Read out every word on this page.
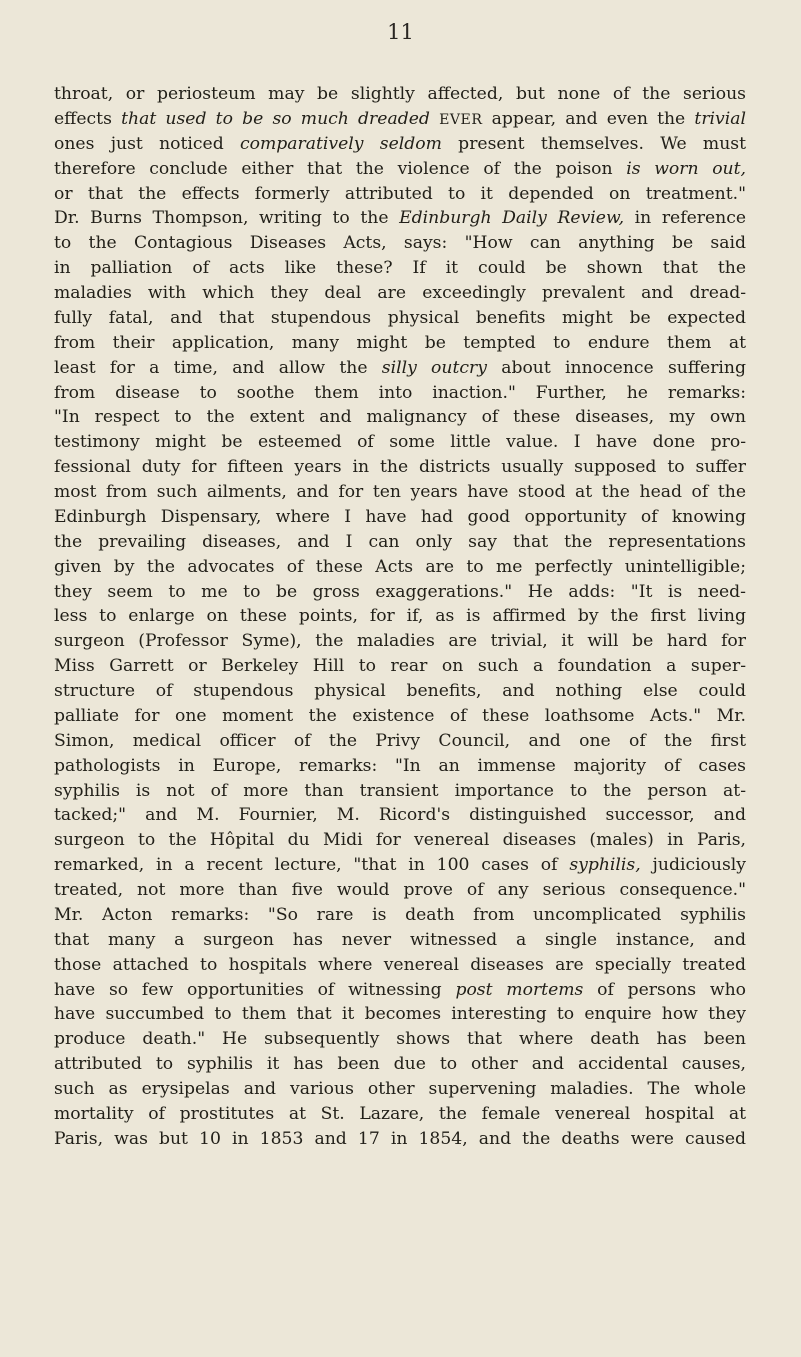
11
throat, or periosteum may be slightly affected, but none of the serious
effects that used to be so much dreaded EVER appear, and even the trivial
ones just noticed comparatively seldom present themselves. We must
therefore conclude either that the violence of the poison is worn out,
or that the effects formerly attributed to it depended on treatment."
Dr. Burns Thompson, writing to the Edinburgh Daily Review, in reference
to the Contagious Diseases Acts, says: "How can anything be said
in palliation of acts like these? If it could be shown that the
maladies with which they deal are exceedingly prevalent and dread-
fully fatal, and that stupendous physical benefits might be expected
from their application, many might be tempted to endure them at
least for a time, and allow the silly outcry about innocence suffering
from disease to soothe them into inaction." Further, he remarks:
"In respect to the extent and malignancy of these diseases, my own
testimony might be esteemed of some little value. I have done pro-
fessional duty for fifteen years in the districts usually supposed to suffer
most from such ailments, and for ten years have stood at the head of the
Edinburgh Dispensary, where I have had good opportunity of knowing
the prevailing diseases, and I can only say that the representations
given by the advocates of these Acts are to me perfectly unintelligible;
they seem to me to be gross exaggerations." He adds: "It is need-
less to enlarge on these points, for if, as is affirmed by the first living
surgeon (Professor Syme), the maladies are trivial, it will be hard for
Miss Garrett or Berkeley Hill to rear on such a foundation a super-
structure of stupendous physical benefits, and nothing else could
palliate for one moment the existence of these loathsome Acts." Mr.
Simon, medical officer of the Privy Council, and one of the first
pathologists in Europe, remarks: "In an immense majority of cases
syphilis is not of more than transient importance to the person at-
tacked;" and M. Fournier, M. Ricord's distinguished successor, and
surgeon to the Hôpital du Midi for venereal diseases (males) in Paris,
remarked, in a recent lecture, "that in 100 cases of syphilis, judiciously
treated, not more than five would prove of any serious consequence."
Mr. Acton remarks: "So rare is death from uncomplicated syphilis
that many a surgeon has never witnessed a single instance, and
those attached to hospitals where venereal diseases are specially treated
have so few opportunities of witnessing post mortems of persons who
have succumbed to them that it becomes interesting to enquire how they
produce death." He subsequently shows that where death has been
attributed to syphilis it has been due to other and accidental causes,
such as erysipelas and various other supervening maladies. The whole
mortality of prostitutes at St. Lazare, the female venereal hospital at
Paris, was but 10 in 1853 and 17 in 1854, and the deaths were caused
